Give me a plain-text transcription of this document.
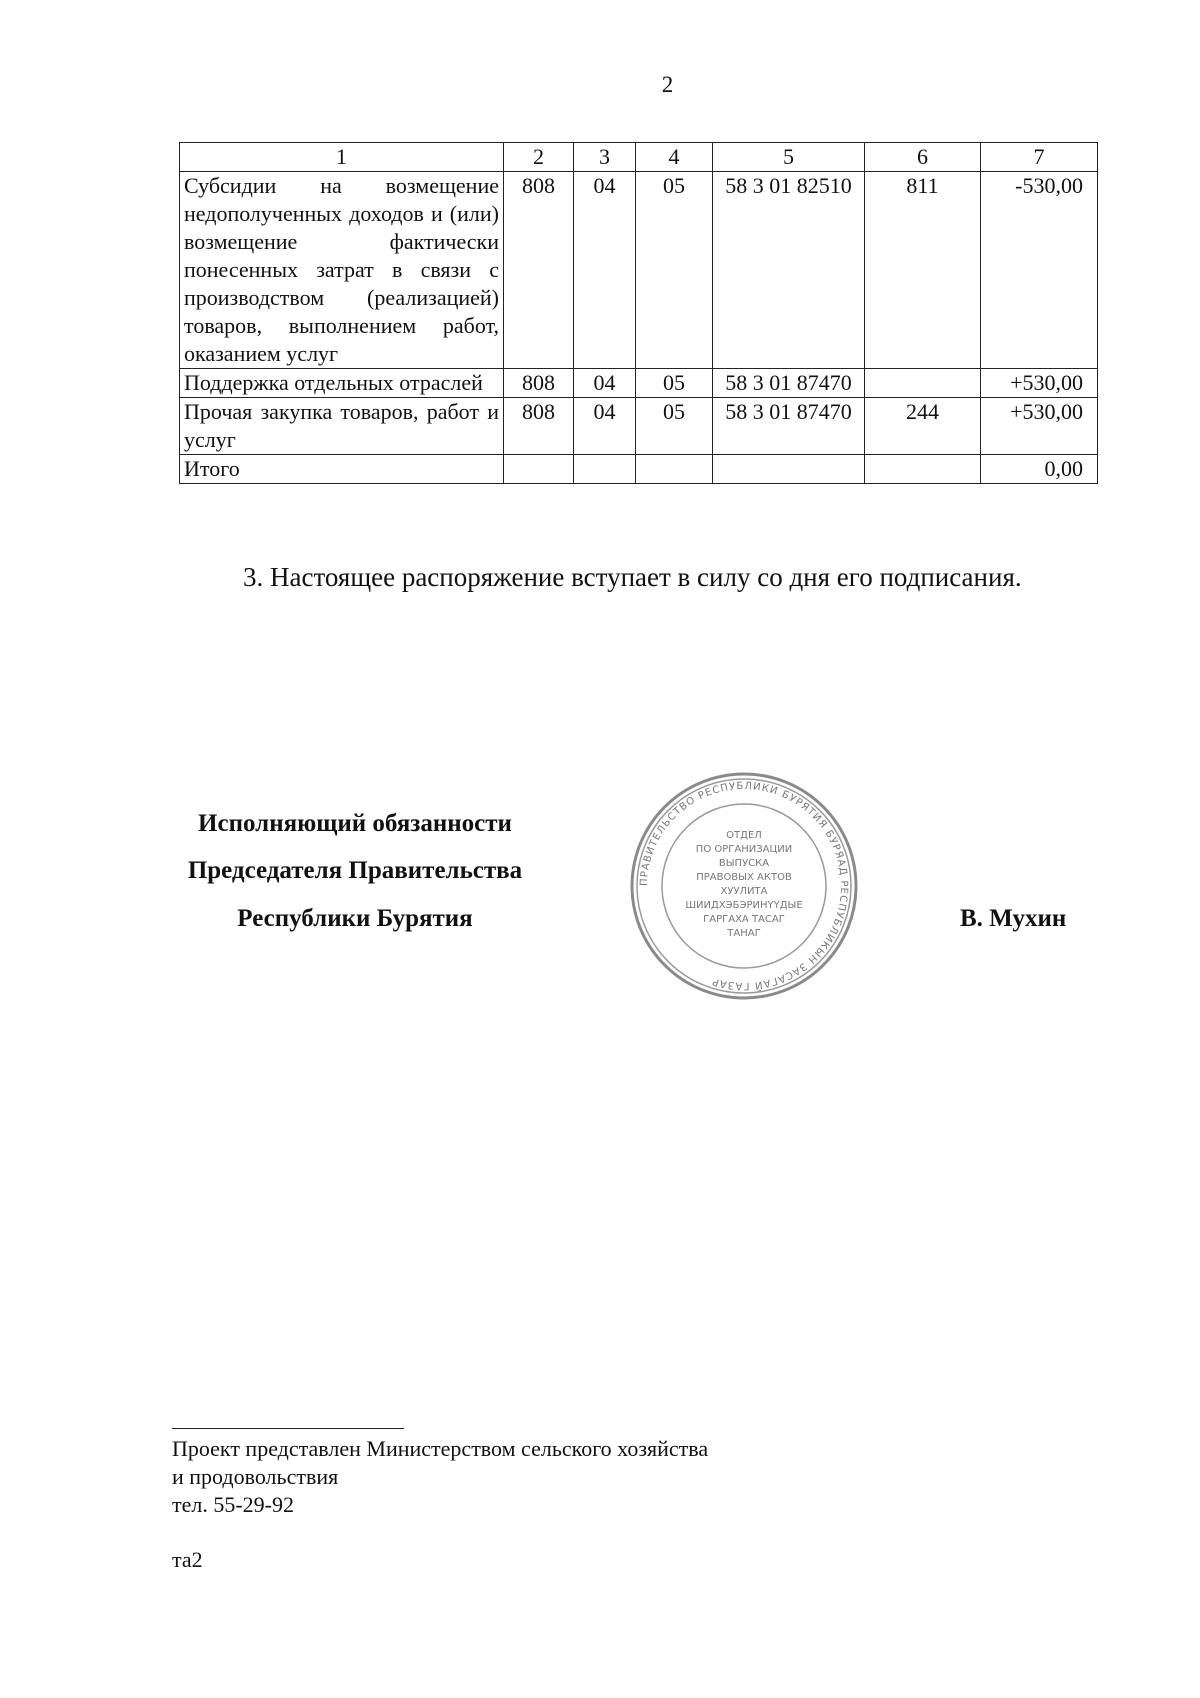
2
1	2	3	4	5	6	7
Субсидии на возмещение недополученных доходов и (или) возмещение фактически понесенных затрат в связи с производством (реализацией) товаров, выполнением работ, оказанием услуг	808	04	05	58 3 01 82510	811	-530,00
Поддержка отдельных отраслей	808	04	05	58 3 01 87470		+530,00
Прочая закупка товаров, работ и услуг	808	04	05	58 3 01 87470	244	+530,00
Итого						0,00
3. Настоящее распоряжение вступает в силу со дня его подписания.
Исполняющий обязанности
Председателя Правительства
Республики Бурятия	В. Мухин
ПРАВИТЕЛЬСТВО РЕСПУБЛИКИ БУРЯТИЯ БУРЯАД РЕСПУБЛИКЫН ЗАСАГАЙ ГАЗАР
ОТДЕЛ
ПО ОРГАНИЗАЦИИ
ВЫПУСКА
ПРАВОВЫХ АКТОВ
ХУУЛИТА
ШИИДХЭБЭРИНҮҮДЫЕ
ГАРГАХА ТАСАГ
ТАНАГ
Проект представлен Министерством сельского хозяйства
и продовольствия
тел. 55-29-92
та2
